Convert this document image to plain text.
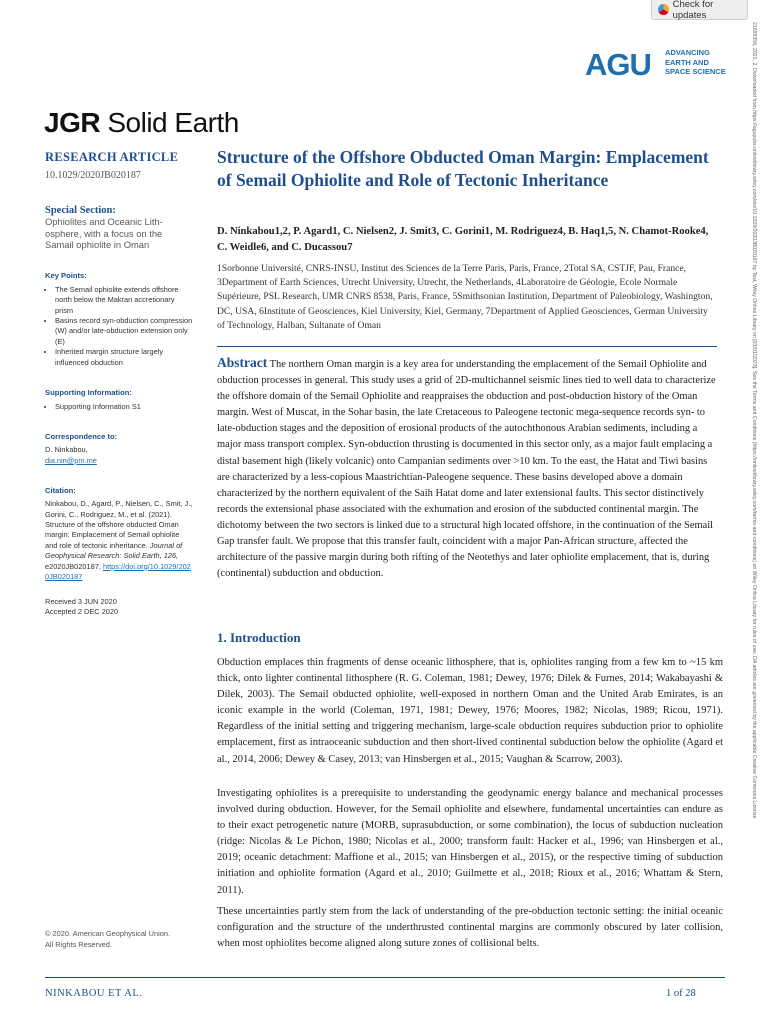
Check for updates
AGU ADVANCING
EARTH AND
SPACE SCIENCE
JGR Solid Earth
RESEARCH ARTICLE
10.1029/2020JB020187
Special Section:
Ophiolites and Oceanic Lith-osphere, with a focus on the Samail ophiolite in Oman
Key Points:
• The Semail ophiolite extends offshore north below the Makran accretionary prism
• Basins record syn-obduction compression (W) and/or late-obduction extension only (E)
• Inherited margin structure largely influenced obduction
Supporting Information:
• Supporting Information S1
Correspondence to:
D. Ninkabou,
dia.nin@pm.me
Citation:
Ninkabou, D., Agard, P., Nielsen, C., Smit, J., Gorini, C., Rodriguez, M., et al. (2021). Structure of the offshore obducted Oman margin: Emplacement of Semail ophiolite and role of tectonic inheritance. Journal of Geophysical Research: Solid Earth, 126, e2020JB020187. https://doi.org/10.1029/2020JB020187
Received 3 JUN 2020
Accepted 2 DEC 2020
Structure of the Offshore Obducted Oman Margin: Emplacement of Semail Ophiolite and Role of Tectonic Inheritance
D. Ninkabou1,2, P. Agard1, C. Nielsen2, J. Smit3, C. Gorini1, M. Rodriguez4, B. Haq1,5, N. Chamot-Rooke4, C. Weidle6, and C. Ducassou7
1Sorbonne Université, CNRS-INSU, Institut des Sciences de la Terre Paris, Paris, France, 2Total SA, CSTJF, Pau, France, 3Department of Earth Sciences, Utrecht University, Utrecht, the Netherlands, 4Laboratoire de Géologie, Ecole Normale Supérieure, PSL Research, UMR CNRS 8538, Paris, France, 5Smithsonian Institution, Department of Paleobiology, Washington, DC, USA, 6Institute of Geosciences, Kiel University, Kiel, Germany, 7Department of Applied Geosciences, German University of Technology, Halban, Sultanate of Oman
Abstract The northern Oman margin is a key area for understanding the emplacement of the Semail Ophiolite and obduction processes in general. This study uses a grid of 2D-multichannel seismic lines tied to well data to characterize the offshore domain of the Semail Ophiolite and reappraises the obduction and post-obduction history of the Oman margin. West of Muscat, in the Sohar basin, the late Cretaceous to Paleogene tectonic mega-sequence records syn- to late-obduction stages and the deposition of erosional products of the autochthonous Arabian sediments, including a major mass transport complex. Syn-obduction thrusting is documented in this sector only, as a major fault emplacing a distal basement high (likely volcanic) onto Campanian sediments over >10 km. To the east, the Hatat and Tiwi basins are characterized by a less-copious Maastrichtian-Paleogene sequence. These basins developed above a domain characterized by the northern equivalent of the Saih Hatat dome and later extensional faults. This sector distinctively records the extensional phase associated with the exhumation and erosion of the subducted continental margin. The dichotomy between the two sectors is linked due to a structural high located offshore, in the continuation of the Semail Gap transfer fault. We propose that this transfer fault, coincident with a major Pan-African structure, affected the architecture of the passive margin during both rifting of the Neotethys and later ophiolite emplacement, that is, during (continental) subduction and obduction.
1. Introduction
Obduction emplaces thin fragments of dense oceanic lithosphere, that is, ophiolites ranging from a few km to ~15 km thick, onto lighter continental lithosphere (R. G. Coleman, 1981; Dewey, 1976; Dilek & Furnes, 2014; Wakabayashi & Dilek, 2003). The Semail obducted ophiolite, well-exposed in northern Oman and the United Arab Emirates, is an iconic example in the world (Coleman, 1971, 1981; Dewey, 1976; Moores, 1982; Nicolas, 1989; Ricou, 1971). Regardless of the initial setting and triggering mechanism, large-scale obduction requires subduction prior to ophiolite emplacement, first as intraoceanic subduction and then short-lived continental subduction below the ophiolite (Agard et al., 2014, 2006; Dewey & Casey, 2013; van Hinsbergen et al., 2015; Vaughan & Scarrow, 2003).
Investigating ophiolites is a prerequisite to understanding the geodynamic energy balance and mechanical processes involved during obduction. However, for the Semail ophiolite and elsewhere, fundamental uncertainties can endure as to their exact petrogenetic nature (MORB, suprasubduction, or some combination), the locus of subduction nucleation (ridge: Nicolas & Le Pichon, 1980; Nicolas et al., 2000; transform fault: Hacker et al., 1996; van Hinsbergen et al., 2019; oceanic detachment: Maffione et al., 2015; van Hinsbergen et al., 2015), or the respective timing of subduction initiation and ophiolite formation (Agard et al., 2010; Guilmette et al., 2018; Rioux et al., 2016; Whattam & Stern, 2011).
These uncertainties partly stem from the lack of understanding of the pre-obduction tectonic setting: the initial oceanic configuration and the structure of the underthrusted continental margins are commonly obscured by later collision, when most ophiolites become aligned along suture zones of collisional belts.
© 2020. American Geophysical Union.
All Rights Reserved.
NINKABOU ET AL.	1 of 28
21699356, 2021, 2, Downloaded from https://agupubs.onlinelibrary.wiley.com/doi/10.1029/2020JB020187 by Test, Wiley Online Library on [03/01/2023]. See the Terms and Conditions (https://onlinelibrary.wiley.com/terms-and-conditions) on Wiley Online Library for rules of use; OA articles are governed by the applicable Creative Commons License
